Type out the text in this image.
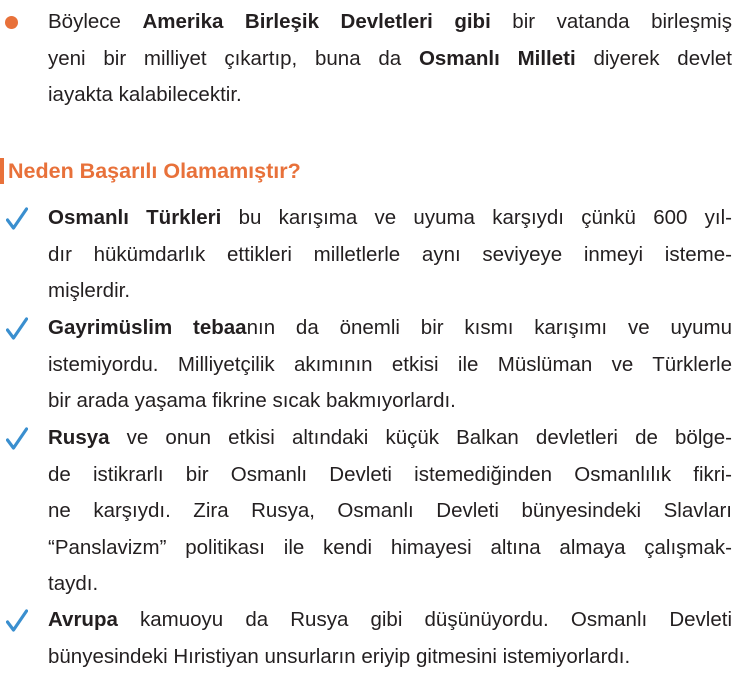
Neden Başarılı Olamamıştır?
Böylece Amerika Birleşik Devletleri gibi bir vatanda birleşmiş
yeni bir milliyet çıkartıp, buna da Osmanlı Milleti diyerek devlet
iayakta kalabilecektir.
Osmanlı Türkleri bu karışıma ve uyuma karşıydı çünkü 600 yıl-
dır hükümdarlık ettikleri milletlerle aynı seviyeye inmeyi isteme-
mişlerdir.
Gayrimüslim tebaanın da önemli bir kısmı karışımı ve uyumu
istemiyordu. Milliyetçilik akımının etkisi ile Müslüman ve Türklerle
bir arada yaşama fikrine sıcak bakmıyorlardı.
Rusya ve onun etkisi altındaki küçük Balkan devletleri de bölge-
de istikrarlı bir Osmanlı Devleti istemediğinden Osmanlılık fikri-
ne karşıydı. Zira Rusya, Osmanlı Devleti bünyesindeki Slavları
“Panslavizm” politikası ile kendi himayesi altına almaya çalışmak-
taydı.
Avrupa kamuoyu da Rusya gibi düşünüyordu. Osmanlı Devleti
bünyesindeki Hıristiyan unsurların eriyip gitmesini istemiyorlardı.
